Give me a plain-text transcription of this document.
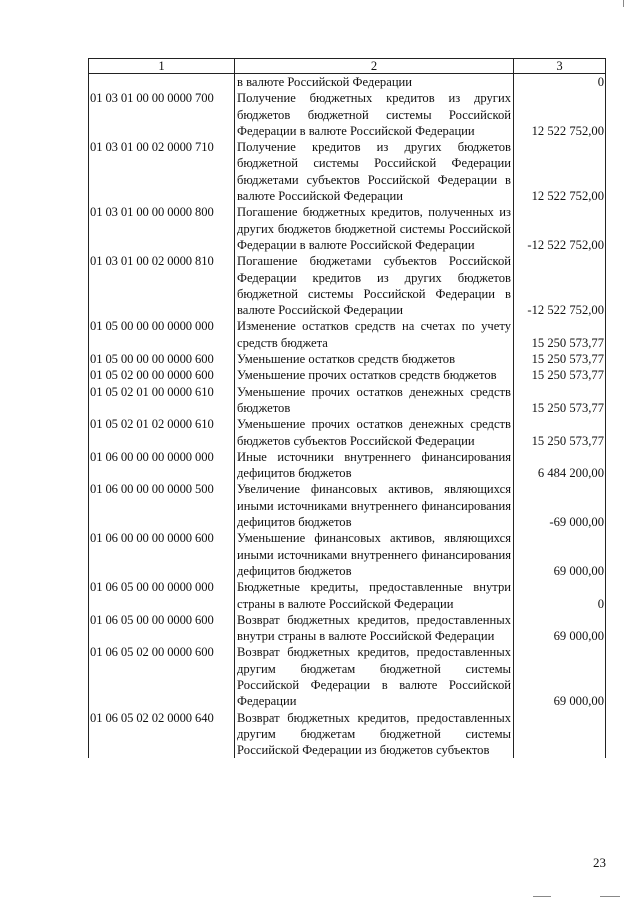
1	2	3
	в валюте Российской Федерации	0
01 03 01 00 00 0000 700	Получение бюджетных кредитов из других бюджетов бюджетной системы Российской Федерации в валюте Российской Федерации	12 522 752,00
01 03 01 00 02 0000 710	Получение кредитов из других бюджетов бюджетной системы Российской Федерации бюджетами субъектов Российской Федерации в валюте Российской Федерации	12 522 752,00
01 03 01 00 00 0000 800	Погашение бюджетных кредитов, полученных из других бюджетов бюджетной системы Российской Федерации в валюте Российской Федерации	-12 522 752,00
01 03 01 00 02 0000 810	Погашение бюджетами субъектов Российской Федерации кредитов из других бюджетов бюджетной системы Российской Федерации в валюте Российской Федерации	-12 522 752,00
01 05 00 00 00 0000 000	Изменение остатков средств на счетах по учету средств бюджета	15 250 573,77
01 05 00 00 00 0000 600	Уменьшение остатков средств бюджетов	15 250 573,77
01 05 02 00 00 0000 600	Уменьшение прочих остатков средств бюджетов	15 250 573,77
01 05 02 01 00 0000 610	Уменьшение прочих остатков денежных средств бюджетов	15 250 573,77
01 05 02 01 02 0000 610	Уменьшение прочих остатков денежных средств бюджетов субъектов Российской Федерации	15 250 573,77
01 06 00 00 00 0000 000	Иные источники внутреннего финансирования дефицитов бюджетов	6 484 200,00
01 06 00 00 00 0000 500	Увеличение финансовых активов, являющихся иными источниками внутреннего финансирования дефицитов бюджетов	-69 000,00
01 06 00 00 00 0000 600	Уменьшение финансовых активов, являющихся иными источниками внутреннего финансирования дефицитов бюджетов	69 000,00
01 06 05 00 00 0000 000	Бюджетные кредиты, предоставленные внутри страны в валюте Российской Федерации	0
01 06 05 00 00 0000 600	Возврат бюджетных кредитов, предоставленных внутри страны в валюте Российской Федерации	69 000,00
01 06 05 02 00 0000 600	Возврат бюджетных кредитов, предоставленных другим бюджетам бюджетной системы Российской Федерации в валюте Российской Федерации	69 000,00
01 06 05 02 02 0000 640	Возврат бюджетных кредитов, предоставленных другим бюджетам бюджетной системы Российской Федерации из бюджетов субъектов	
23
